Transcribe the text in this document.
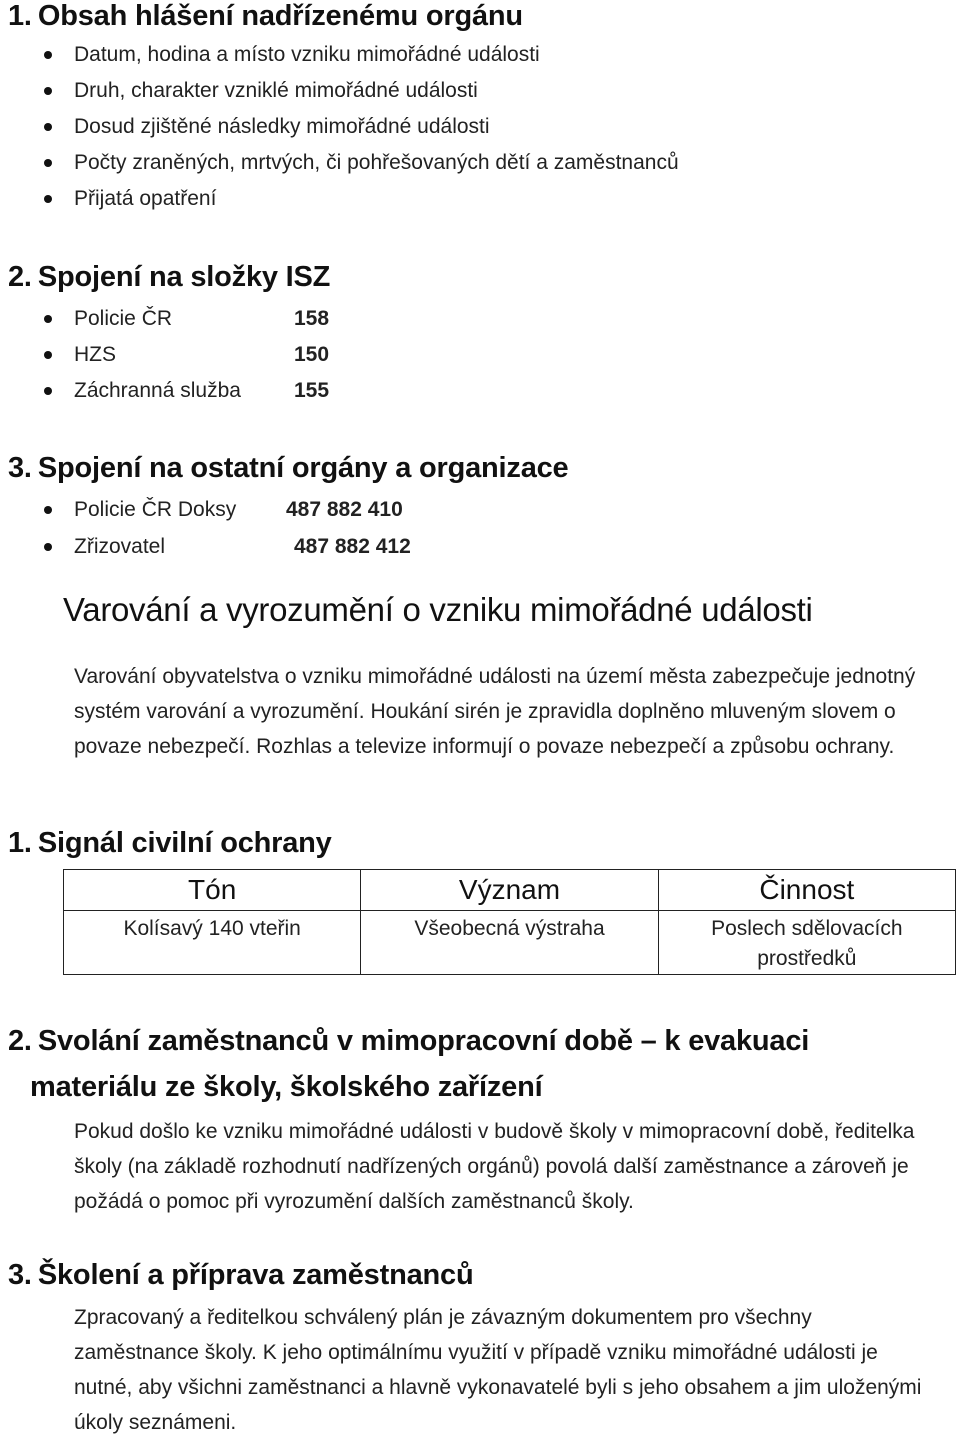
1. Obsah hlášení nadřízenému orgánu
Datum, hodina a místo vzniku mimořádné události
Druh, charakter vzniklé mimořádné události
Dosud zjištěné následky mimořádné události
Počty zraněných, mrtvých, či pohřešovaných dětí a zaměstnanců
Přijatá opatření
2. Spojení na složky ISZ
Policie ČR	158
HZS	150
Záchranná služba	155
3. Spojení na ostatní orgány a organizace
Policie ČR Doksy 487 882 410
Zřizovatel	487 882 412
Varování a vyrozumění o vzniku mimořádné události
Varování obyvatelstva o vzniku mimořádné události na území města zabezpečuje jednotný systém varování a vyrozumění. Houkání sirén je zpravidla doplněno mluveným slovem o povaze nebezpečí. Rozhlas a televize informují o povaze nebezpečí a způsobu ochrany.
1. Signál civilní ochrany
Tón	Význam	Činnost
Kolísavý 140 vteřin	Všeobecná výstraha	Poslech sdělovacích prostředků
2. Svolání zaměstnanců v mimopracovní době – k evakuaci
materiálu ze školy, školského zařízení
Pokud došlo ke vzniku mimořádné události v budově školy v mimopracovní době, ředitelka školy (na základě rozhodnutí nadřízených orgánů) povolá další zaměstnance a zároveň je požádá o pomoc při vyrozumění dalších zaměstnanců školy.
3. Školení a příprava zaměstnanců
Zpracovaný a ředitelkou schválený plán je závazným dokumentem pro všechny zaměstnance školy. K jeho optimálnímu využití v případě vzniku mimořádné události je nutné, aby všichni zaměstnanci a hlavně vykonavatelé byli s jeho obsahem a jim uloženými úkoly seznámeni.
